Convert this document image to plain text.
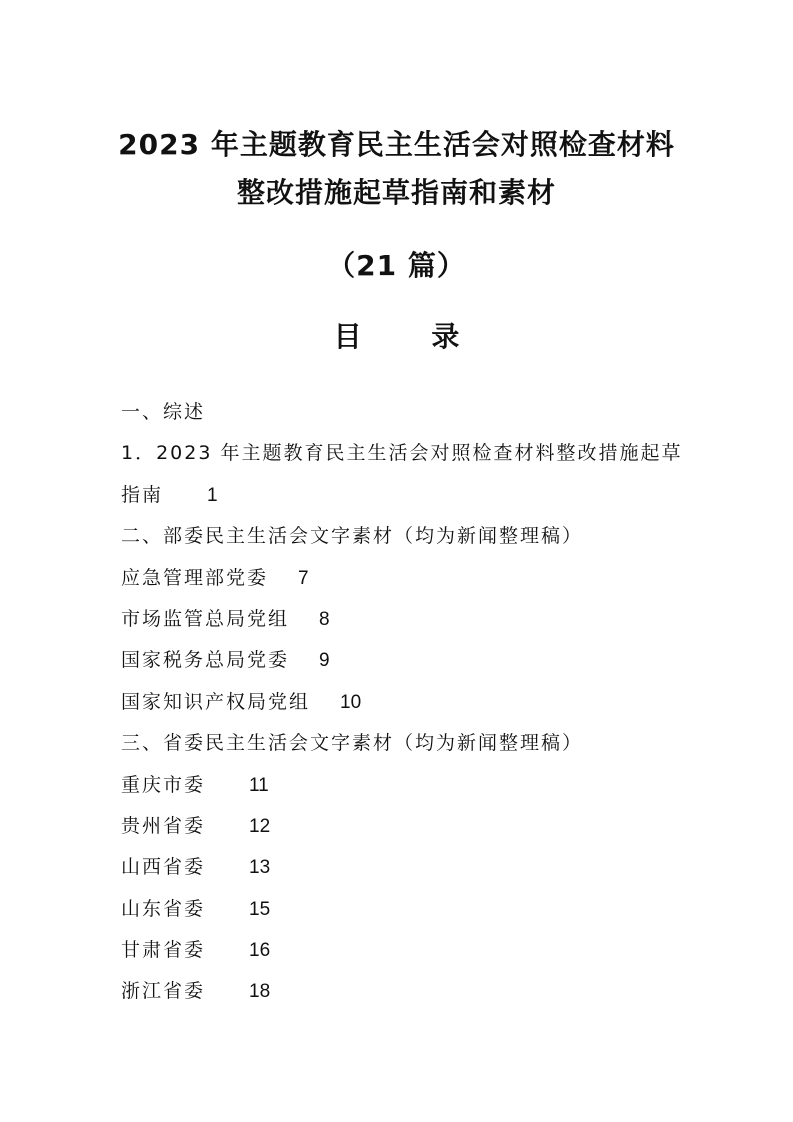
2023 年主题教育民主生活会对照检查材料
整改措施起草指南和素材
（21 篇）
目 录
一、综述
1．2023 年主题教育民主生活会对照检查材料整改措施起草
指南 1
二、部委民主生活会文字素材（均为新闻整理稿）
应急管理部党委 7
市场监管总局党组 8
国家税务总局党委 9
国家知识产权局党组 10
三、省委民主生活会文字素材（均为新闻整理稿）
重庆市委 11
贵州省委 12
山西省委 13
山东省委 15
甘肃省委 16
浙江省委 18
